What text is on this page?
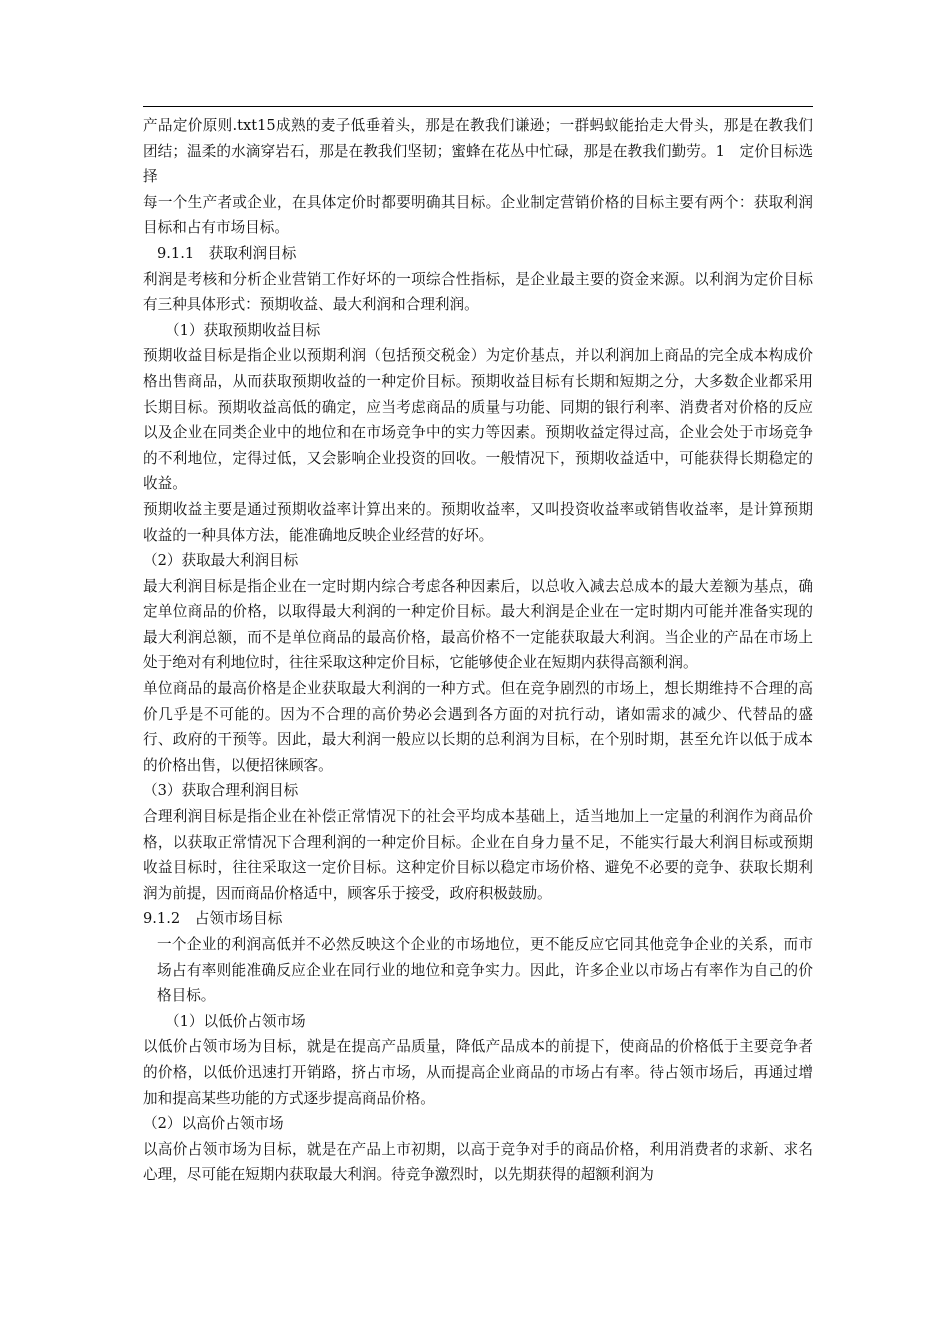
产品定价原则.txt15成熟的麦子低垂着头，那是在教我们谦逊；一群蚂蚁能抬走大骨头，那是在教我们团结；温柔的水滴穿岩石，那是在教我们坚韧；蜜蜂在花丛中忙碌，那是在教我们勤劳。1　定价目标选择

每一个生产者或企业，在具体定价时都要明确其目标。企业制定营销价格的目标主要有两个：获取利润目标和占有市场目标。

9.1.1　获取利润目标

利润是考核和分析企业营销工作好坏的一项综合性指标，是企业最主要的资金来源。以利润为定价目标有三种具体形式：预期收益、最大利润和合理利润。

（1）获取预期收益目标

预期收益目标是指企业以预期利润（包括预交税金）为定价基点，并以利润加上商品的完全成本构成价格出售商品，从而获取预期收益的一种定价目标。预期收益目标有长期和短期之分，大多数企业都采用长期目标。预期收益高低的确定，应当考虑商品的质量与功能、同期的银行利率、消费者对价格的反应以及企业在同类企业中的地位和在市场竞争中的实力等因素。预期收益定得过高，企业会处于市场竞争的不利地位，定得过低，又会影响企业投资的回收。一般情况下，预期收益适中，可能获得长期稳定的收益。

预期收益主要是通过预期收益率计算出来的。预期收益率，又叫投资收益率或销售收益率，是计算预期收益的一种具体方法，能准确地反映企业经营的好坏。

（2）获取最大利润目标

最大利润目标是指企业在一定时期内综合考虑各种因素后，以总收入减去总成本的最大差额为基点，确定单位商品的价格，以取得最大利润的一种定价目标。最大利润是企业在一定时期内可能并准备实现的最大利润总额，而不是单位商品的最高价格，最高价格不一定能获取最大利润。当企业的产品在市场上处于绝对有利地位时，往往采取这种定价目标，它能够使企业在短期内获得高额利润。

单位商品的最高价格是企业获取最大利润的一种方式。但在竞争剧烈的市场上，想长期维持不合理的高价几乎是不可能的。因为不合理的高价势必会遇到各方面的对抗行动，诸如需求的减少、代替品的盛行、政府的干预等。因此，最大利润一般应以长期的总利润为目标，在个别时期，甚至允许以低于成本的价格出售，以便招徕顾客。

（3）获取合理利润目标

合理利润目标是指企业在补偿正常情况下的社会平均成本基础上，适当地加上一定量的利润作为商品价格，以获取正常情况下合理利润的一种定价目标。企业在自身力量不足，不能实行最大利润目标或预期收益目标时，往往采取这一定价目标。这种定价目标以稳定市场价格、避免不必要的竞争、获取长期利润为前提，因而商品价格适中，顾客乐于接受，政府积极鼓励。

9.1.2　占领市场目标

一个企业的利润高低并不必然反映这个企业的市场地位，更不能反应它同其他竞争企业的关系，而市场占有率则能准确反应企业在同行业的地位和竞争实力。因此，许多企业以市场占有率作为自己的价格目标。

（1）以低价占领市场

以低价占领市场为目标，就是在提高产品质量，降低产品成本的前提下，使商品的价格低于主要竞争者的价格，以低价迅速打开销路，挤占市场，从而提高企业商品的市场占有率。待占领市场后，再通过增加和提高某些功能的方式逐步提高商品价格。

（2）以高价占领市场

以高价占领市场为目标，就是在产品上市初期，以高于竞争对手的商品价格，利用消费者的求新、求名心理，尽可能在短期内获取最大利润。待竞争激烈时，以先期获得的超额利润为
